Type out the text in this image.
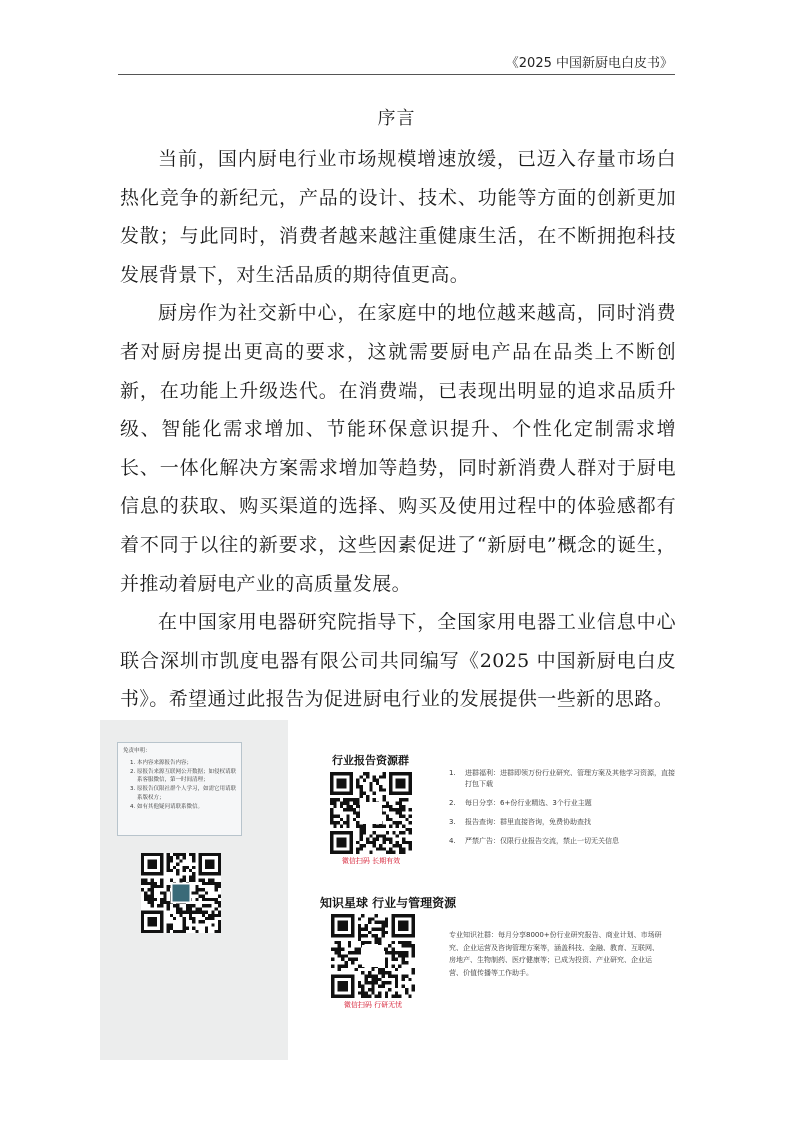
《2025 中国新厨电白皮书》
序言

当前，国内厨电行业市场规模增速放缓，已迈入存量市场白热化竞争的新纪元，产品的设计、技术、功能等方面的创新更加发散；与此同时，消费者越来越注重健康生活，在不断拥抱科技发展背景下，对生活品质的期待值更高。

厨房作为社交新中心，在家庭中的地位越来越高，同时消费者对厨房提出更高的要求，这就需要厨电产品在品类上不断创新，在功能上升级迭代。在消费端，已表现出明显的追求品质升级、智能化需求增加、节能环保意识提升、个性化定制需求增长、一体化解决方案需求增加等趋势，同时新消费人群对于厨电信息的获取、购买渠道的选择、购买及使用过程中的体验感都有着不同于以往的新要求，这些因素促进了“新厨电”概念的诞生，并推动着厨电产业的高质量发展。

在中国家用电器研究院指导下，全国家用电器工业信息中心联合深圳市凯度电器有限公司共同编写《2025 中国新厨电白皮书》。希望通过此报告为促进厨电行业的发展提供一些新的思路。

免责申明：
1. 本内容来源报告内容；
2. 原报告来源互联网公开数据；如侵权请联系客服微信，第一时间清理；
3. 原报告仅限社群个人学习，如需它用请联系版权方；
4. 如有其他疑问请联系微信。
行业报告资源群
微信扫码 长期有效
1. 进群福利：进群即领万份行业研究、管理方案及其他学习资源，直接打包下载
2. 每日分享：6+份行业精选、3个行业主题
3. 报告查询：群里直接咨询，免费协助查找
4. 严禁广告：仅限行业报告交流，禁止一切无关信息
知识星球 行业与管理资源
微信扫码 行研无忧
专业知识社群：每月分享8000+份行业研究报告、商业计划、市场研究、企业运营及咨询管理方案等，涵盖科技、金融、教育、互联网、房地产、生物制药、医疗健康等；已成为投资、产业研究、企业运营、价值传播等工作助手。
